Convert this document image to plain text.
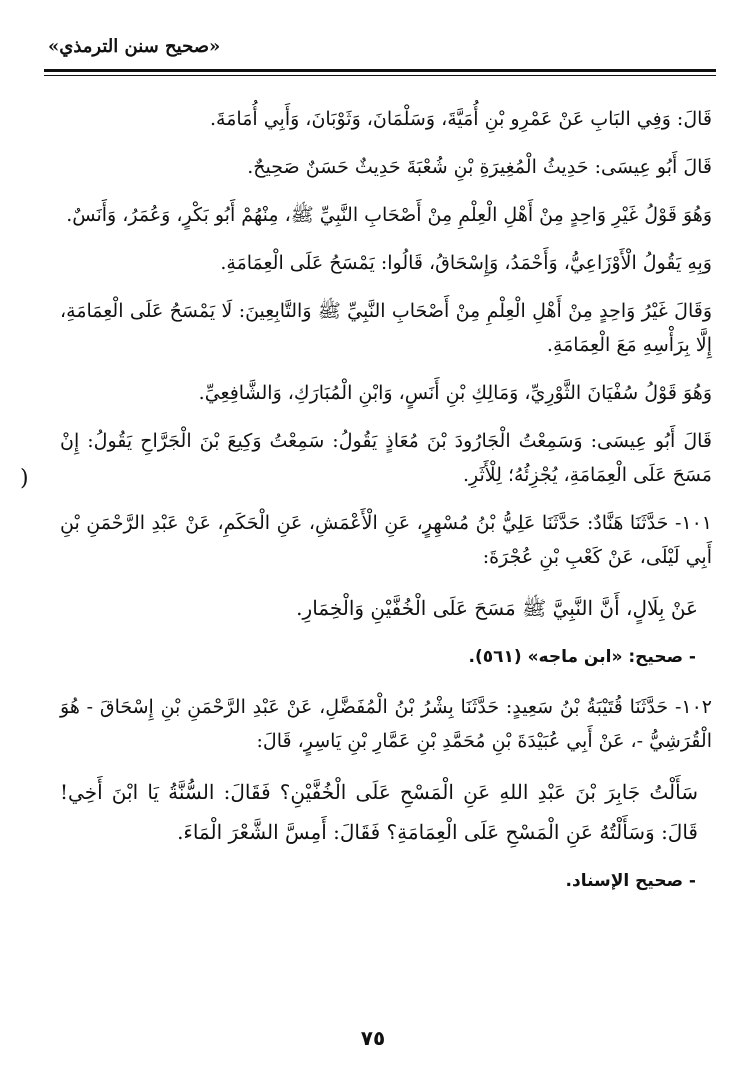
«صحيح سنن الترمذي»

قَالَ: وَفِي البَابِ عَنْ عَمْرِو بْنِ أُمَيَّةَ، وَسَلْمَانَ، وَثَوْبَانَ، وَأَبِي أُمَامَةَ.

قَالَ أَبُو عِيسَى: حَدِيثُ الْمُغِيرَةِ بْنِ شُعْبَةَ حَدِيثٌ حَسَنٌ صَحِيحٌ.

وَهُوَ قَوْلُ غَيْرِ وَاحِدٍ مِنْ أَهْلِ الْعِلْمِ مِنْ أَصْحَابِ النَّبِيِّ ﷺ، مِنْهُمْ أَبُو بَكْرٍ، وَعُمَرُ، وَأَنَسٌ.

وَبِهِ يَقُولُ الْأَوْزَاعِيُّ، وَأَحْمَدُ، وَإِسْحَاقُ، قَالُوا: يَمْسَحُ عَلَى الْعِمَامَةِ.

وَقَالَ غَيْرُ وَاحِدٍ مِنْ أَهْلِ الْعِلْمِ مِنْ أَصْحَابِ النَّبِيِّ ﷺ وَالتَّابِعِينَ: لَا يَمْسَحُ عَلَى الْعِمَامَةِ، إِلَّا بِرَأْسِهِ مَعَ الْعِمَامَةِ.

وَهُوَ قَوْلُ سُفْيَانَ الثَّوْرِيِّ، وَمَالِكِ بْنِ أَنَسٍ، وَابْنِ الْمُبَارَكِ، وَالشَّافِعِيِّ.

قَالَ أَبُو عِيسَى: وَسَمِعْتُ الْجَارُودَ بْنَ مُعَاذٍ يَقُولُ: سَمِعْتُ وَكِيعَ بْنَ الْجَرَّاحِ يَقُولُ: إِنْ مَسَحَ عَلَى الْعِمَامَةِ، يُجْزِئُهُ؛ لِلْأَثَرِ.

١٠١- حَدَّثَنَا هَنَّادٌ: حَدَّثَنَا عَلِيُّ بْنُ مُسْهِرٍ، عَنِ الْأَعْمَشِ، عَنِ الْحَكَمِ، عَنْ عَبْدِ الرَّحْمَنِ بْنِ أَبِي لَيْلَى، عَنْ كَعْبِ بْنِ عُجْرَةَ:

عَنْ بِلَالٍ، أَنَّ النَّبِيَّ ﷺ مَسَحَ عَلَى الْخُفَّيْنِ وَالْخِمَارِ.

- صحيح: «ابن ماجه» (٥٦١).

١٠٢- حَدَّثَنَا قُتَيْبَةُ بْنُ سَعِيدٍ: حَدَّثَنَا بِشْرُ بْنُ الْمُفَضَّلِ، عَنْ عَبْدِ الرَّحْمَنِ بْنِ إِسْحَاقَ - هُوَ الْقُرَشِيُّ -، عَنْ أَبِي عُبَيْدَةَ بْنِ مُحَمَّدِ بْنِ عَمَّارِ بْنِ يَاسِرٍ، قَالَ:

سَأَلْتُ جَابِرَ بْنَ عَبْدِ اللهِ عَنِ الْمَسْحِ عَلَى الْخُفَّيْنِ؟ فَقَالَ: السُّنَّةُ يَا ابْنَ أَخِي! قَالَ: وَسَأَلْتُهُ عَنِ الْمَسْحِ عَلَى الْعِمَامَةِ؟ فَقَالَ: أَمِسَّ الشَّعْرَ الْمَاءَ.

- صحيح الإسناد.

)
٧٥
